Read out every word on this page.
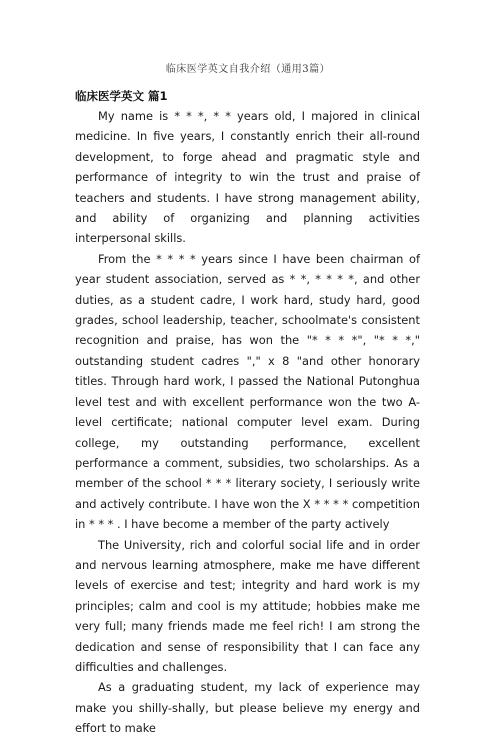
临床医学英文自我介绍（通用3篇）
临床医学英文 篇1

My name is * * *, * * years old, I majored in clinical medicine. In five years, I constantly enrich their all-round development, to forge ahead and pragmatic style and performance of integrity to win the trust and praise of teachers and students. I have strong management ability, and ability of organizing and planning activities interpersonal skills.

From the * * * * years since I have been chairman of year student association, served as * *, * * * *, and other duties, as a student cadre, I work hard, study hard, good grades, school leadership, teacher, schoolmate's consistent recognition and praise, has won the "* * * *", "* * *," outstanding student cadres "," x 8 "and other honorary titles. Through hard work, I passed the National Putonghua level test and with excellent performance won the two A-level certificate; national computer level exam. During college, my outstanding performance, excellent performance a comment, subsidies, two scholarships. As a member of the school * * * literary society, I seriously write and actively contribute. I have won the X * * * * competition in * * * . I have become a member of the party actively

The University, rich and colorful social life and in order and nervous learning atmosphere, make me have different levels of exercise and test; integrity and hard work is my principles; calm and cool is my attitude; hobbies make me very full; many friends made me feel rich! I am strong the dedication and sense of responsibility that I can face any difficulties and challenges.

As a graduating student, my lack of experience may make you shilly-shally, but please believe my energy and effort to make
